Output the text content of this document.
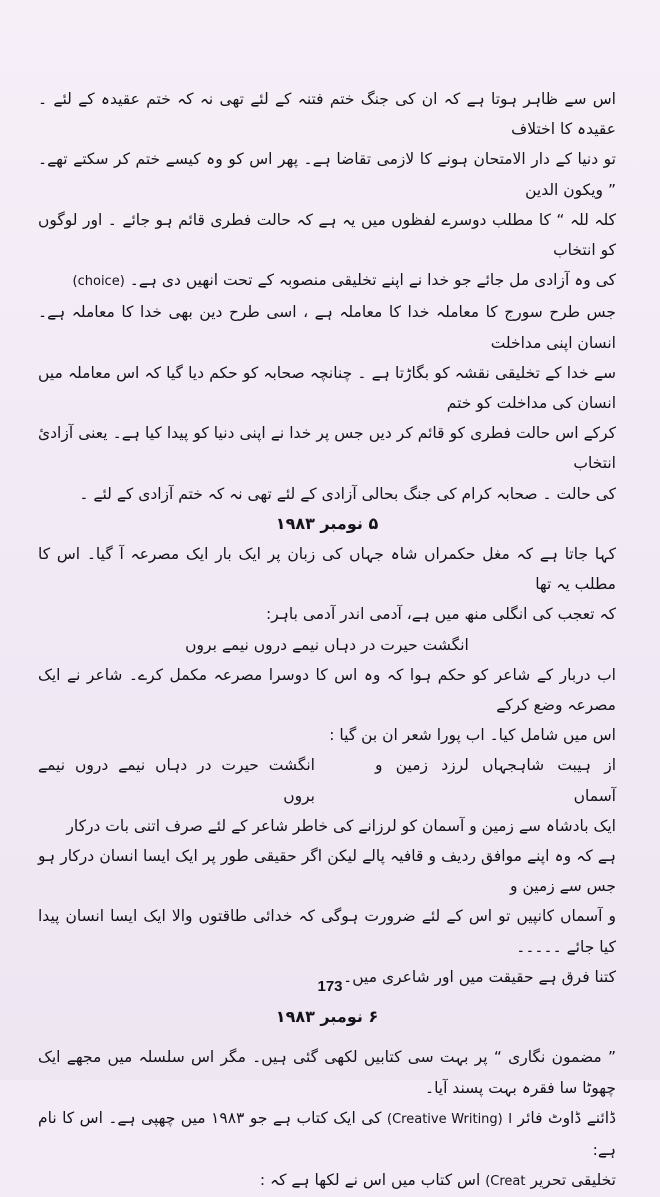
اس سے ظاہر ہوتا ہے کہ ان کی جنگ ختم فتنہ کے لئے تھی نہ کہ ختم عقیدہ کے لئے ۔ عقیدہ کا اختلاف

تو دنیا کے دار الامتحان ہونے کا لازمی تقاضا ہے۔ پھر اس کو وہ کیسے ختم کر سکتے تھے۔ ” ویکون الدین

کلہ للہ “ کا مطلب دوسرے لفظوں میں یہ ہے کہ حالت فطری قائم ہو جائے ۔ اور لوگوں کو انتخاب

کی وہ آزادی مل جائے جو خدا نے اپنے تخلیقی منصوبہ کے تحت انھیں دی ہے۔ (choice)

جس طرح سورج کا معاملہ خدا کا معاملہ ہے ، اسی طرح دین بھی خدا کا معاملہ ہے۔ انسان اپنی مداخلت

سے خدا کے تخلیقی نقشہ کو بگاڑتا ہے ۔ چنانچہ صحابہ کو حکم دیا گیا کہ اس معاملہ میں انسان کی مداخلت کو ختم

کرکے اس حالت فطری کو قائم کر دیں جس پر خدا نے اپنی دنیا کو پیدا کیا ہے۔ یعنی آزادیٔ انتخاب

کی حالت ۔ صحابہ کرام کی جنگ بحالی آزادی کے لئے تھی نہ کہ ختم آزادی کے لئے ۔

۵ نومبر ۱۹۸۳

کہا جاتا ہے کہ مغل حکمراں شاہ جہاں کی زبان پر ایک بار ایک مصرعہ آ گیا۔ اس کا مطلب یہ تھا

کہ تعجب کی انگلی منھ میں ہے، آدمی اندر آدمی باہر:

انگشت حیرت در دہاں نیمے دروں نیمے بروں

اب دربار کے شاعر کو حکم ہوا کہ وہ اس کا دوسرا مصرعہ مکمل کرے۔ شاعر نے ایک مصرعہ وضع کرکے

اس میں شامل کیا۔ اب پورا شعر ان بن گیا :

از ہیبت شاہجہاں لرزد زمین و آسماں
انگشت حیرت در دہاں نیمے دروں نیمے بروں

ایک بادشاہ سے زمین و آسمان کو لرزانے کی خاطر شاعر کے لئے صرف اتنی بات درکار

ہے کہ وہ اپنے موافق ردیف و قافیہ پالے لیکن اگر حقیقی طور پر ایک ایسا انسان درکار ہو جس سے زمین و

و آسماں کانپیں تو اس کے لئے ضرورت ہوگی کہ خدائی طاقتوں والا ایک ایسا انسان پیدا کیا جائے ۔۔۔۔۔

کتنا فرق ہے حقیقت میں اور شاعری میں۔

۶ نومبر ۱۹۸۳

” مضمون نگاری “ پر بہت سی کتابیں لکھی گئی ہیں۔ مگر اس سلسلہ میں مجھے ایک چھوٹا سا فقرہ بہت پسند آیا۔

ڈائنے ڈاوٹ فائر (Creative Writing) I کی ایک کتاب ہے جو ۱۹۸۳ میں چھپی ہے۔ اس کا نام ہے:

تخلیقی تحریر (Creat اس کتاب میں اس نے لکھا ہے کہ :

173
